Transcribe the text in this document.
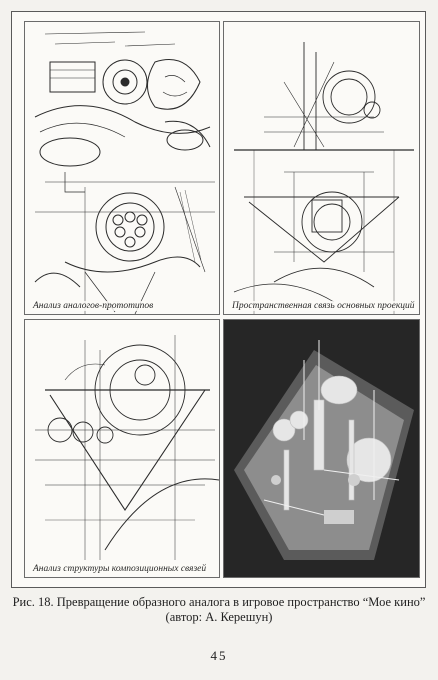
Анализ аналогов-прототипов	Пространственная связь основных проекций
Анализ структуры композиционных связей
Рис. 18. Превращение образного аналога в игровое пространство “Мое кино”
(автор: А. Керешун)
45
